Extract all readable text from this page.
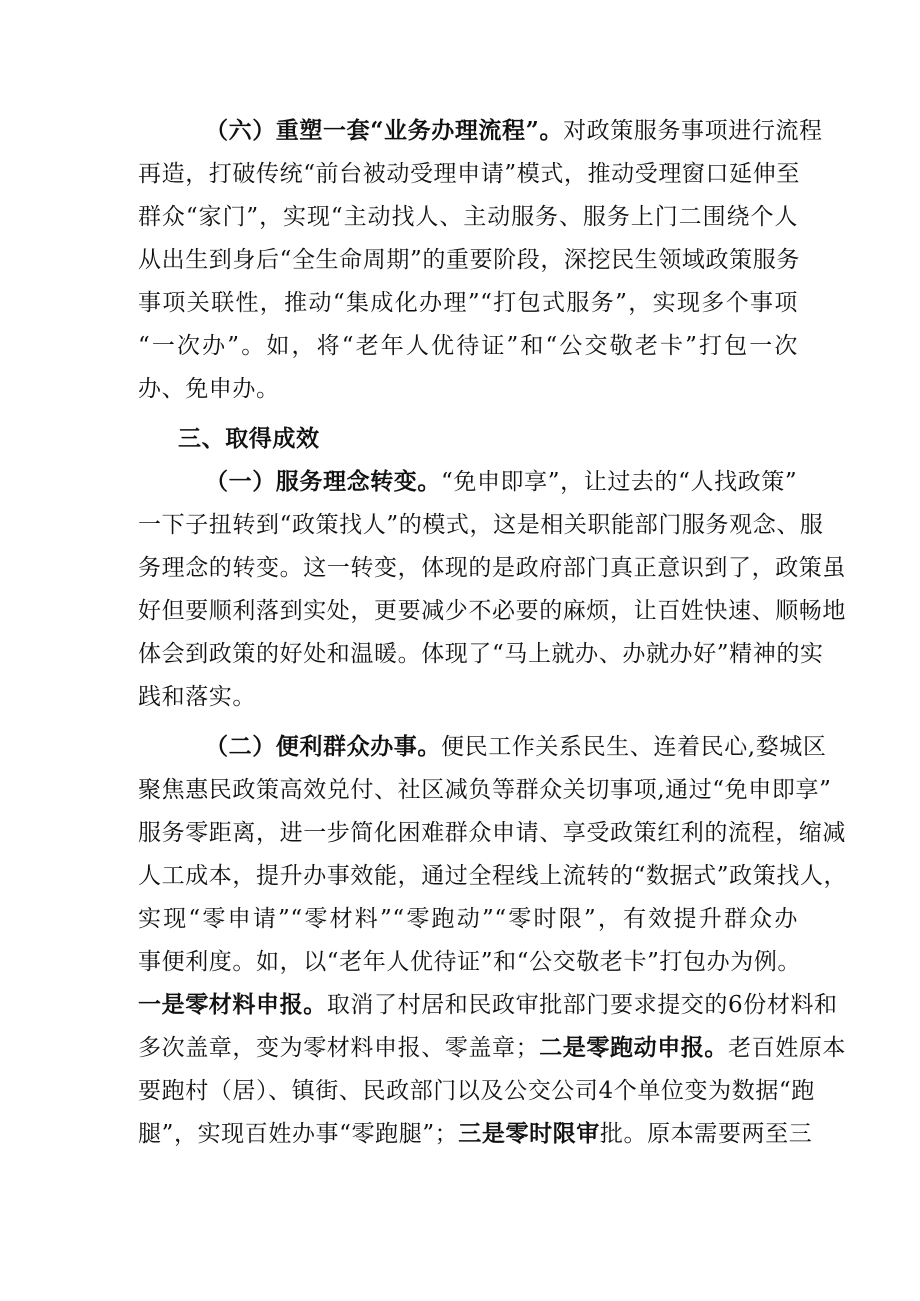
（六）重塑一套“业务办理流程”。对政策服务事项进行流程
再造，打破传统“前台被动受理申请”模式，推动受理窗口延伸至
群众“家门”，实现“主动找人、主动服务、服务上门二围绕个人
从出生到身后“全生命周期”的重要阶段，深挖民生领域政策服务
事项关联性，推动“集成化办理”“打包式服务”，实现多个事项
“一次办”。如，将“老年人优待证”和“公交敬老卡”打包一次
办、免申办。
三、取得成效
（一）服务理念转变。“免申即享”，让过去的“人找政策”
一下子扭转到“政策找人”的模式，这是相关职能部门服务观念、服
务理念的转变。这一转变，体现的是政府部门真正意识到了，政策虽
好但要顺利落到实处，更要减少不必要的麻烦，让百姓快速、顺畅地
体会到政策的好处和温暖。体现了“马上就办、办就办好”精神的实
践和落实。
（二）便利群众办事。便民工作关系民生、连着民心,婺城区
聚焦惠民政策高效兑付、社区减负等群众关切事项,通过“免申即享”
服务零距离，进一步简化困难群众申请、享受政策红利的流程，缩减
人工成本，提升办事效能，通过全程线上流转的“数据式”政策找人，
实现“零申请”“零材料”“零跑动”“零时限”，有效提升群众办
事便利度。如，以“老年人优待证”和“公交敬老卡”打包办为例。
一是零材料申报。取消了村居和民政审批部门要求提交的6份材料和
多次盖章，变为零材料申报、零盖章；二是零跑动申报。老百姓原本
要跑村（居）、镇街、民政部门以及公交公司4个单位变为数据“跑
腿”，实现百姓办事“零跑腿”；三是零时限审批。原本需要两至三
